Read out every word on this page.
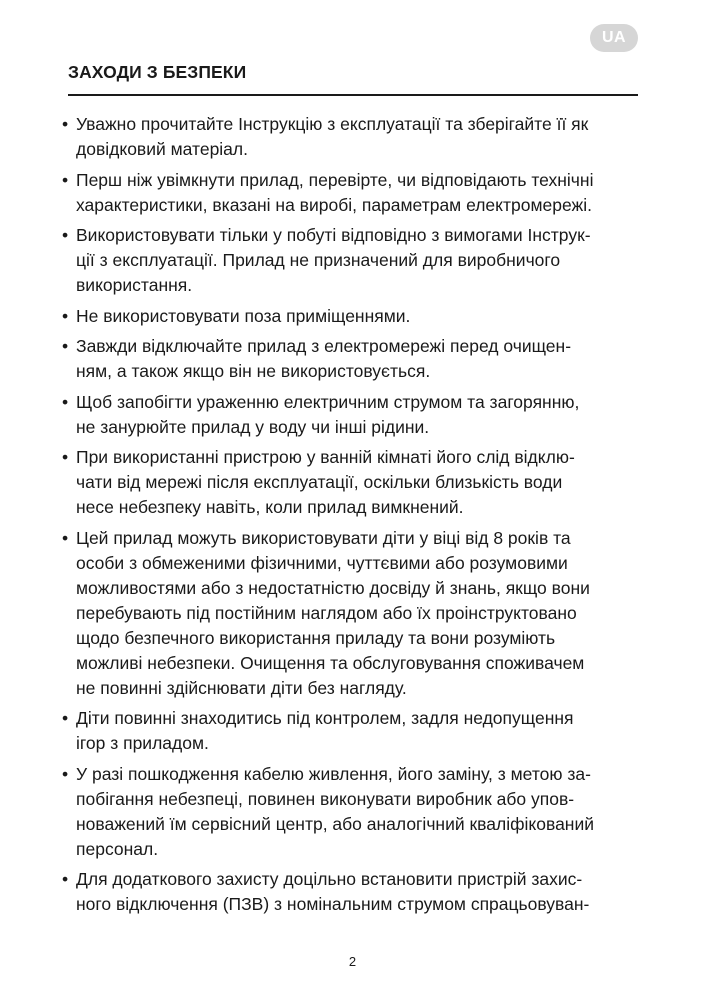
UA
ЗАХОДИ З БЕЗПЕКИ
• Уважно прочитайте Інструкцію з експлуатації та зберігайте її як
довідковий матеріал.
• Перш ніж увімкнути прилад, перевірте, чи відповідають технічні
характеристики, вказані на виробі, параметрам електромережі.
• Використовувати тільки у побуті відповідно з вимогами Інструк-
ції з експлуатації. Прилад не призначений для виробничого
використання.
• Не використовувати поза приміщеннями.
• Завжди відключайте прилад з електромережі перед очищен-
ням, а також якщо він не використовується.
• Щоб запобігти ураженню електричним струмом та загорянню,
не занурюйте прилад у воду чи інші рідини.
• При використанні пристрою у ванній кімнаті його слід відклю-
чати від мережі після експлуатації, оскільки близькість води
несе небезпеку навіть, коли прилад вимкнений.
• Цей прилад можуть використовувати діти у віці від 8 років та
особи з обмеженими фізичними, чуттєвими або розумовими
можливостями або з недостатністю досвіду й знань, якщо вони
перебувають під постійним наглядом або їх проінструктовано
щодо безпечного використання приладу та вони розуміють
можливі небезпеки. Очищення та обслуговування споживачем
не повинні здійснювати діти без нагляду.
• Діти повинні знаходитись під контролем, задля недопущення
ігор з приладом.
• У разі пошкодження кабелю живлення, його заміну, з метою за-
побігання небезпеці, повинен виконувати виробник або упов-
новажений їм сервісний центр, або аналогічний кваліфікований
персонал.
• Для додаткового захисту доцільно встановити пристрій захис-
ного відключення (ПЗВ) з номінальним струмом спрацьовуван-
2
